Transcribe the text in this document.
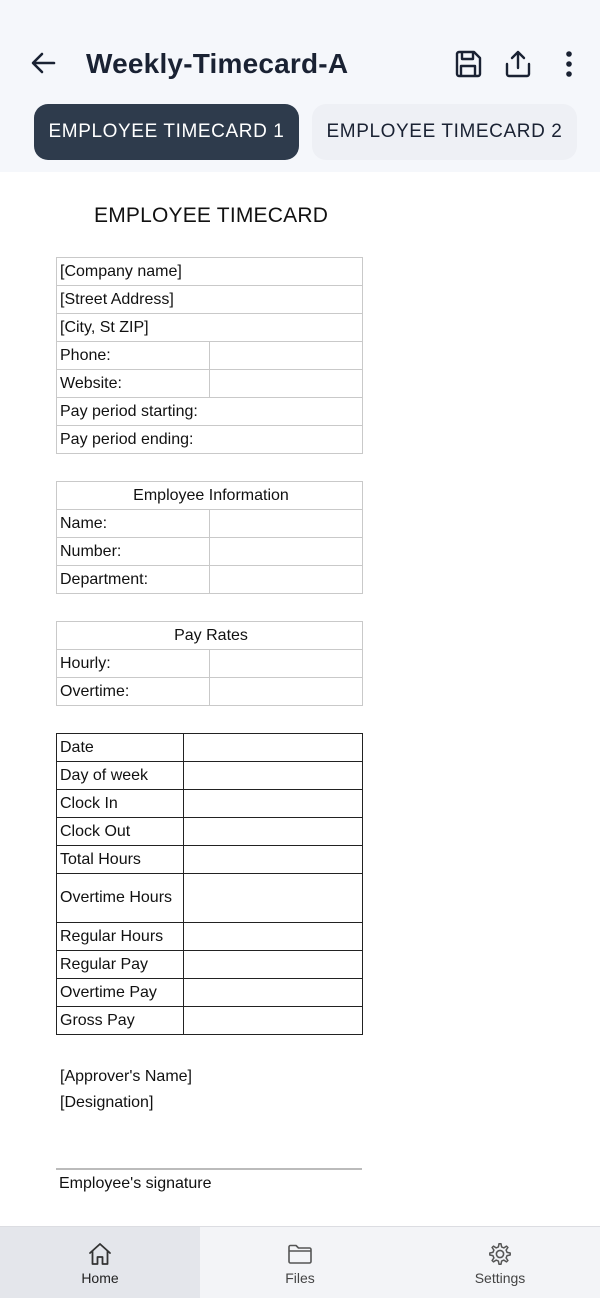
Weekly-Timecard-A
EMPLOYEE TIMECARD 1	EMPLOYEE TIMECARD 2
EMPLOYEE TIMECARD
[Company name]	
[Street Address]	
[City, St ZIP]	
Phone:	
Website:	
Pay period starting:	
Pay period ending:	
Employee Information	
Name:	
Number:	
Department:	
Pay Rates	
Hourly:	
Overtime:	
Date	
Day of week	
Clock In	
Clock Out	
Total Hours	
Overtime Hours	
Regular Hours	
Regular Pay	
Overtime Pay	
Gross Pay	
[Approver's Name]
[Designation]
Employee's signature
Home	Files	Settings
